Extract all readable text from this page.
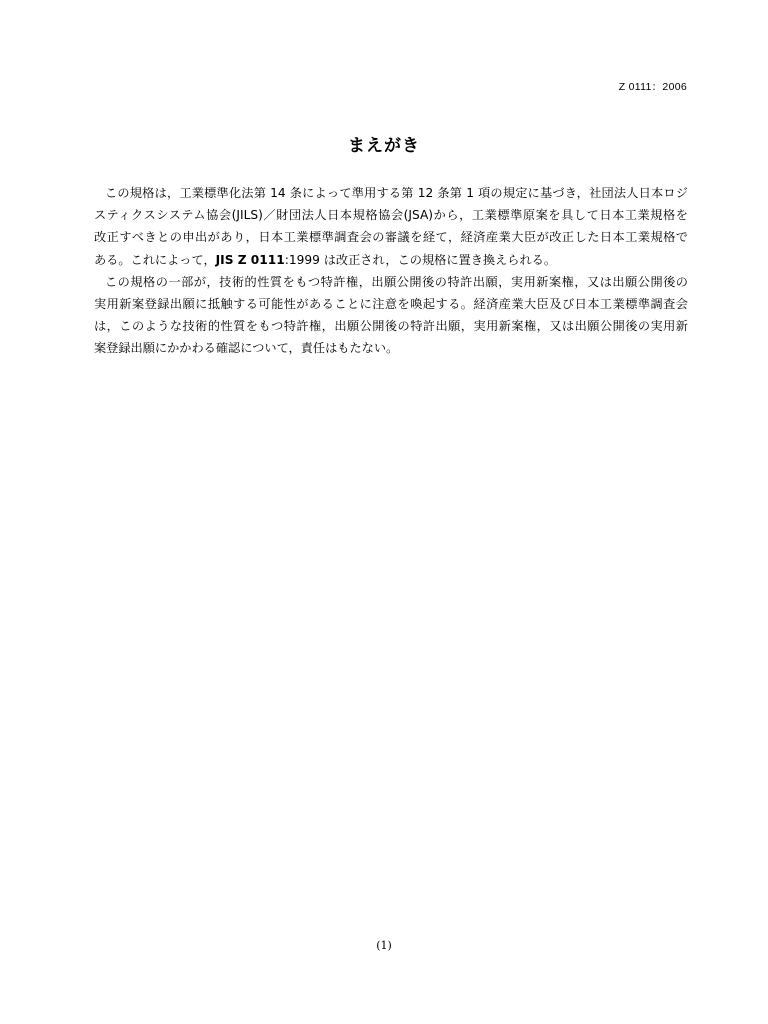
Z 0111：2006
まえがき
この規格は，工業標準化法第 14 条によって準用する第 12 条第 1 項の規定に基づき，社団法人日本ロジ
スティクスシステム協会(JILS)／財団法人日本規格協会(JSA)から，工業標準原案を具して日本工業規格を
改正すべきとの申出があり，日本工業標準調査会の審議を経て，経済産業大臣が改正した日本工業規格で
ある。これによって，JIS Z 0111:1999 は改正され，この規格に置き換えられる。
この規格の一部が，技術的性質をもつ特許権，出願公開後の特許出願，実用新案権，又は出願公開後の
実用新案登録出願に抵触する可能性があることに注意を喚起する。経済産業大臣及び日本工業標準調査会
は，このような技術的性質をもつ特許権，出願公開後の特許出願，実用新案権，又は出願公開後の実用新
案登録出願にかかわる確認について，責任はもたない。
(1)
